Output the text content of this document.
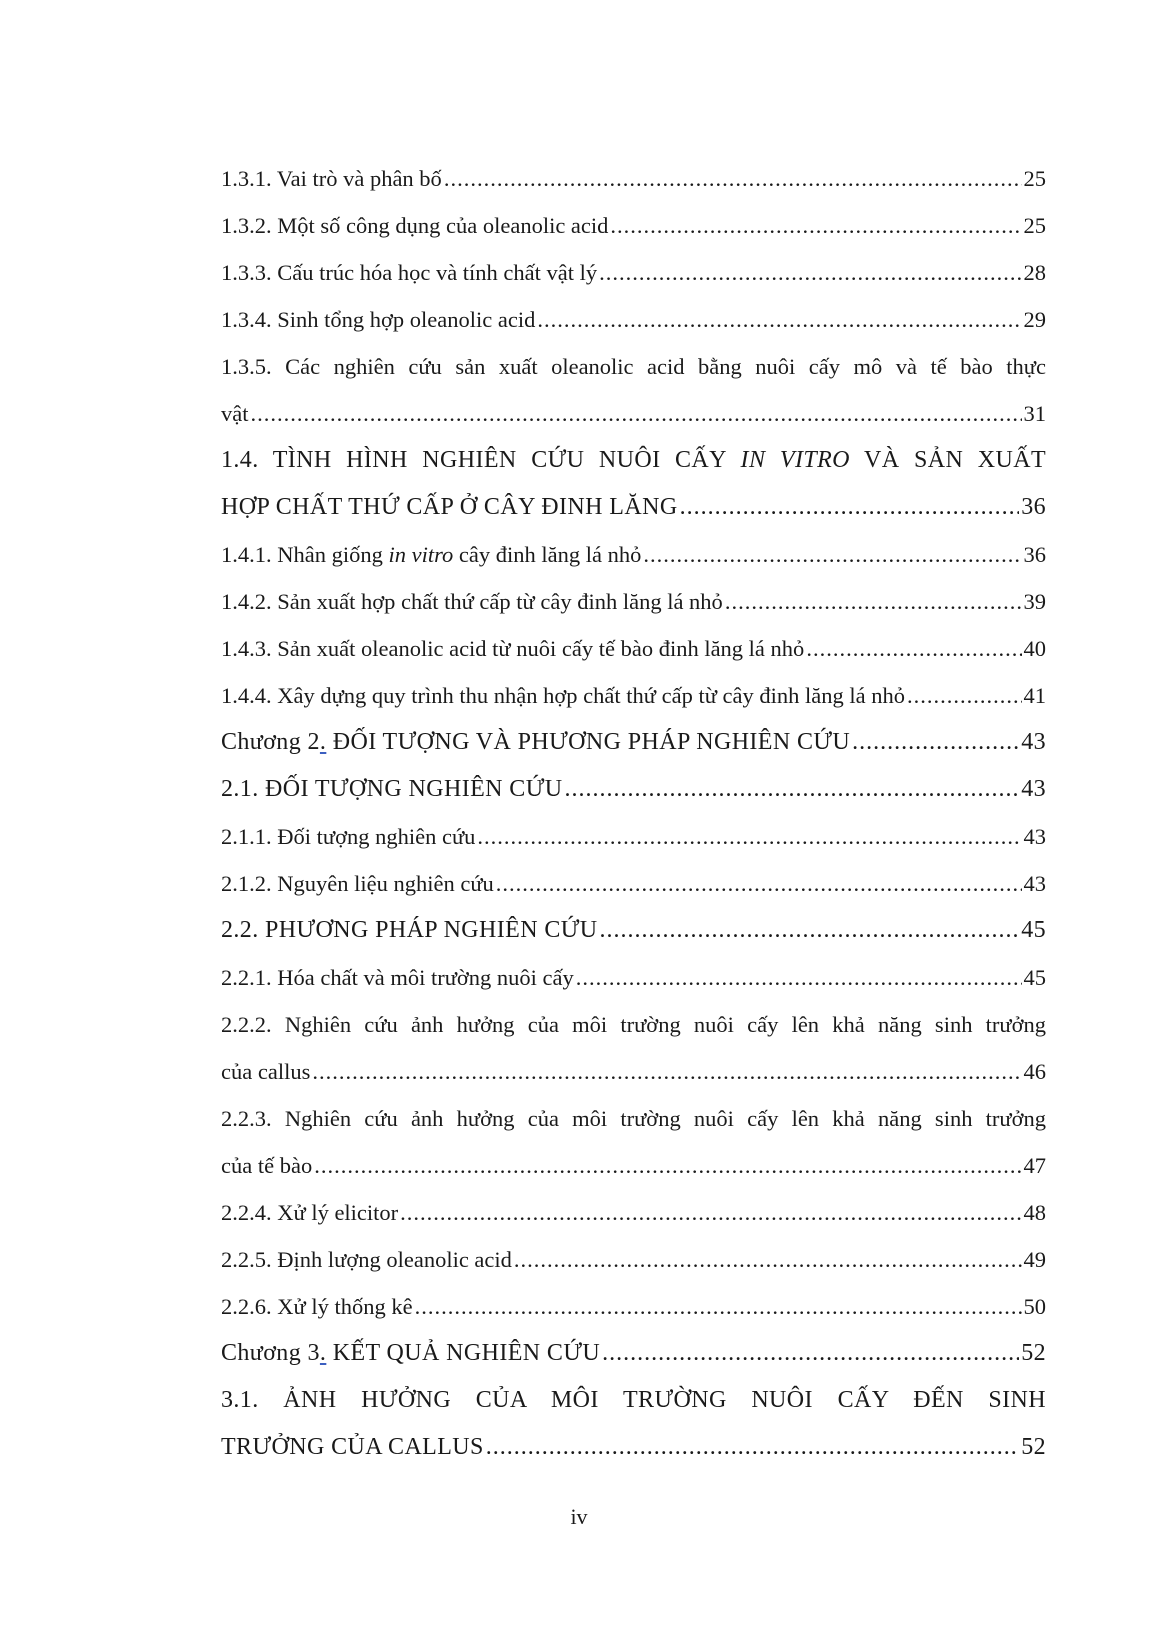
1.3.1. Vai trò và phân bố .....	25
1.3.2. Một số công dụng của oleanolic acid .....	25
1.3.3. Cấu trúc hóa học và tính chất vật lý .....	28
1.3.4. Sinh tổng hợp oleanolic acid .....	29
1.3.5. Các nghiên cứu sản xuất oleanolic acid bằng nuôi cấy mô và tế bào thực
vật .....	31
1.4. TÌNH HÌNH NGHIÊN CỨU NUÔI CẤY IN VITRO VÀ SẢN XUẤT
HỢP CHẤT THỨ CẤP Ở CÂY ĐINH LĂNG .....	36
1.4.1. Nhân giống in vitro cây đinh lăng lá nhỏ .....	36
1.4.2. Sản xuất hợp chất thứ cấp từ cây đinh lăng lá nhỏ .....	39
1.4.3. Sản xuất oleanolic acid từ nuôi cấy tế bào đinh lăng lá nhỏ .....	40
1.4.4. Xây dựng quy trình thu nhận hợp chất thứ cấp từ cây đinh lăng lá nhỏ .....	41
Chương 2. ĐỐI TƯỢNG VÀ PHƯƠNG PHÁP NGHIÊN CỨU .....	43
2.1. ĐỐI TƯỢNG NGHIÊN CỨU .....	43
2.1.1. Đối tượng nghiên cứu .....	43
2.1.2. Nguyên liệu nghiên cứu .....	43
2.2. PHƯƠNG PHÁP NGHIÊN CỨU .....	45
2.2.1. Hóa chất và môi trường nuôi cấy .....	45
2.2.2. Nghiên cứu ảnh hưởng của môi trường nuôi cấy lên khả năng sinh trưởng
của callus .....	46
2.2.3. Nghiên cứu ảnh hưởng của môi trường nuôi cấy lên khả năng sinh trưởng
của tế bào .....	47
2.2.4. Xử lý elicitor .....	48
2.2.5. Định lượng oleanolic acid .....	49
2.2.6. Xử lý thống kê .....	50
Chương 3. KẾT QUẢ NGHIÊN CỨU .....	52
3.1. ẢNH HƯỞNG CỦA MÔI TRƯỜNG NUÔI CẤY ĐẾN SINH
TRƯỞNG CỦA CALLUS .....	52
iv
